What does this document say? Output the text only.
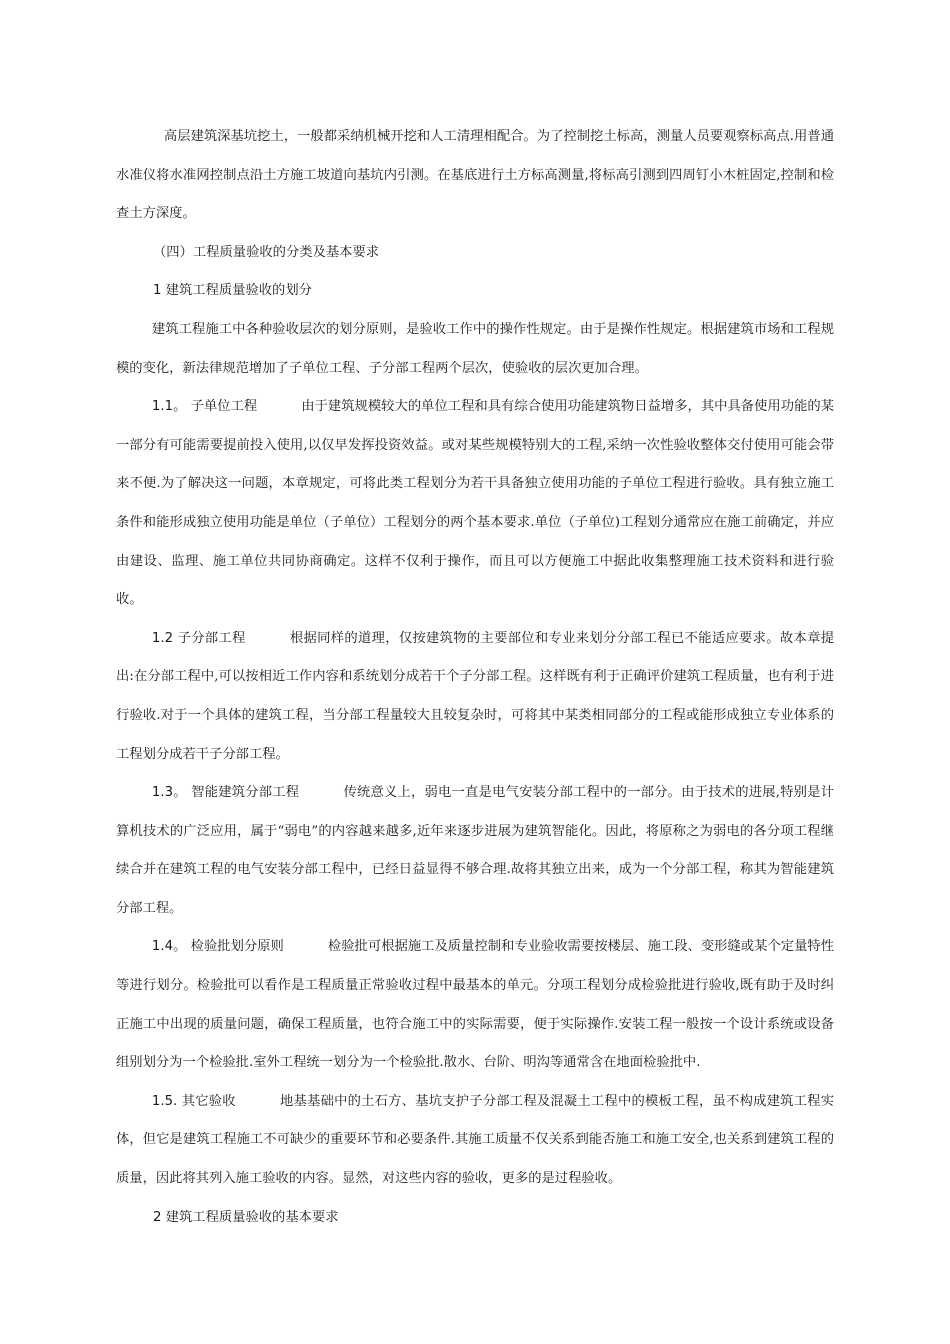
高层建筑深基坑挖土，一般都采纳机械开挖和人工清理相配合。为了控制挖土标高，测量人员要观察标高点.用普通水准仪将水准网控制点沿土方施工坡道向基坑内引测。在基底进行土方标高测量,将标高引测到四周钉小木桩固定,控制和检查土方深度。

（四）工程质量验收的分类及基本要求

1 建筑工程质量验收的划分

建筑工程施工中各种验收层次的划分原则，是验收工作中的操作性规定。由于是操作性规定。根据建筑市场和工程规模的变化，新法律规范增加了子单位工程、子分部工程两个层次，使验收的层次更加合理。

1.1。 子单位工程	由于建筑规模较大的单位工程和具有综合使用功能建筑物日益增多，其中具备使用功能的某一部分有可能需要提前投入使用,以仅早发挥投资效益。或对某些规模特别大的工程,采纳一次性验收整体交付使用可能会带来不便.为了解决这一问题，本章规定，可将此类工程划分为若干具备独立使用功能的子单位工程进行验收。具有独立施工条件和能形成独立使用功能是单位（子单位）工程划分的两个基本要求.单位（子单位)工程划分通常应在施工前确定，并应由建设、监理、施工单位共同协商确定。这样不仅利于操作，而且可以方便施工中据此收集整理施工技术资料和进行验收。

1.2 子分部工程	根据同样的道理，仅按建筑物的主要部位和专业来划分分部工程已不能适应要求。故本章提出:在分部工程中,可以按相近工作内容和系统划分成若干个子分部工程。这样既有利于正确评价建筑工程质量，也有利于进行验收.对于一个具体的建筑工程，当分部工程量较大且较复杂时，可将其中某类相同部分的工程或能形成独立专业体系的工程划分成若干子分部工程。

1.3。 智能建筑分部工程	传统意义上，弱电一直是电气安装分部工程中的一部分。由于技术的进展,特别是计算机技术的广泛应用，属于“弱电”的内容越来越多,近年来逐步进展为建筑智能化。因此，将原称之为弱电的各分项工程继续合并在建筑工程的电气安装分部工程中，已经日益显得不够合理.故将其独立出来，成为一个分部工程，称其为智能建筑分部工程。

1.4。 检验批划分原则	检验批可根据施工及质量控制和专业验收需要按楼层、施工段、变形缝或某个定量特性等进行划分。检验批可以看作是工程质量正常验收过程中最基本的单元。分项工程划分成检验批进行验收,既有助于及时纠正施工中出现的质量问题，确保工程质量，也符合施工中的实际需要，便于实际操作.安装工程一般按一个设计系统或设备组别划分为一个检验批.室外工程统一划分为一个检验批.散水、台阶、明沟等通常含在地面检验批中.

1.5. 其它验收	地基基础中的土石方、基坑支护子分部工程及混凝土工程中的模板工程，虽不构成建筑工程实体，但它是建筑工程施工不可缺少的重要环节和必要条件.其施工质量不仅关系到能否施工和施工安全,也关系到建筑工程的质量，因此将其列入施工验收的内容。显然，对这些内容的验收，更多的是过程验收。

2 建筑工程质量验收的基本要求
